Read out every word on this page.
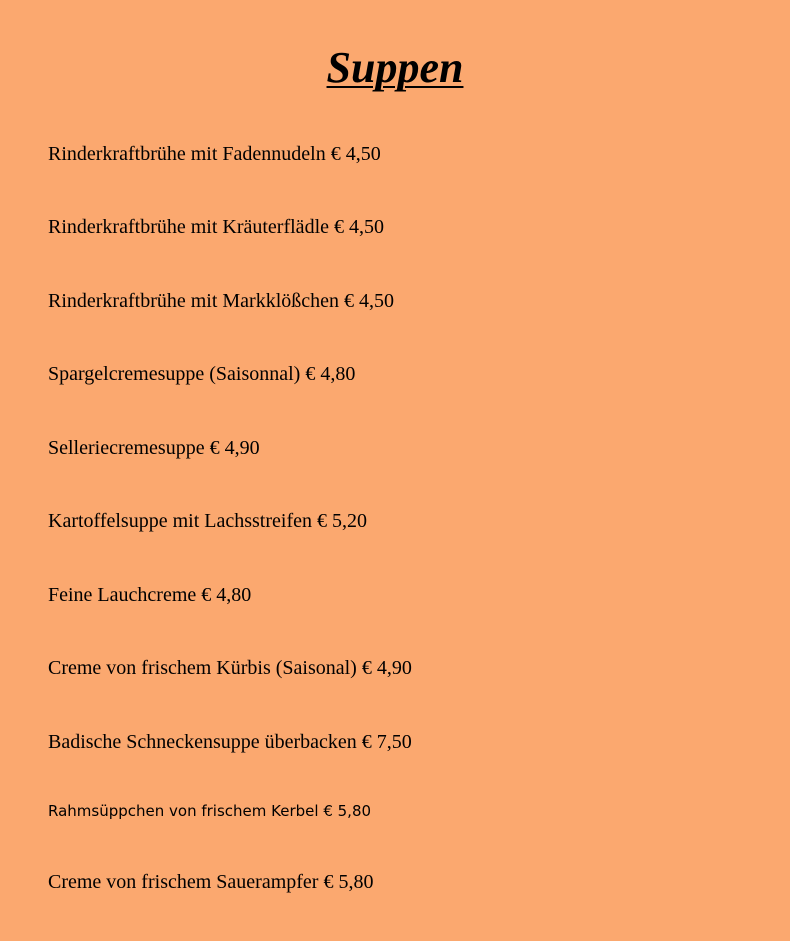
Suppen
Rinderkraftbrühe mit Fadennudeln € 4,50
Rinderkraftbrühe mit Kräuterflädle € 4,50
Rinderkraftbrühe mit Markklößchen € 4,50
Spargelcremesuppe (Saisonnal) € 4,80
Selleriecremesuppe € 4,90
Kartoffelsuppe mit Lachsstreifen € 5,20
Feine Lauchcreme € 4,80
Creme von frischem Kürbis (Saisonal) € 4,90
Badische Schneckensuppe überbacken € 7,50
Rahmsüppchen von frischem Kerbel € 5,80
Creme von frischem Sauerampfer € 5,80
